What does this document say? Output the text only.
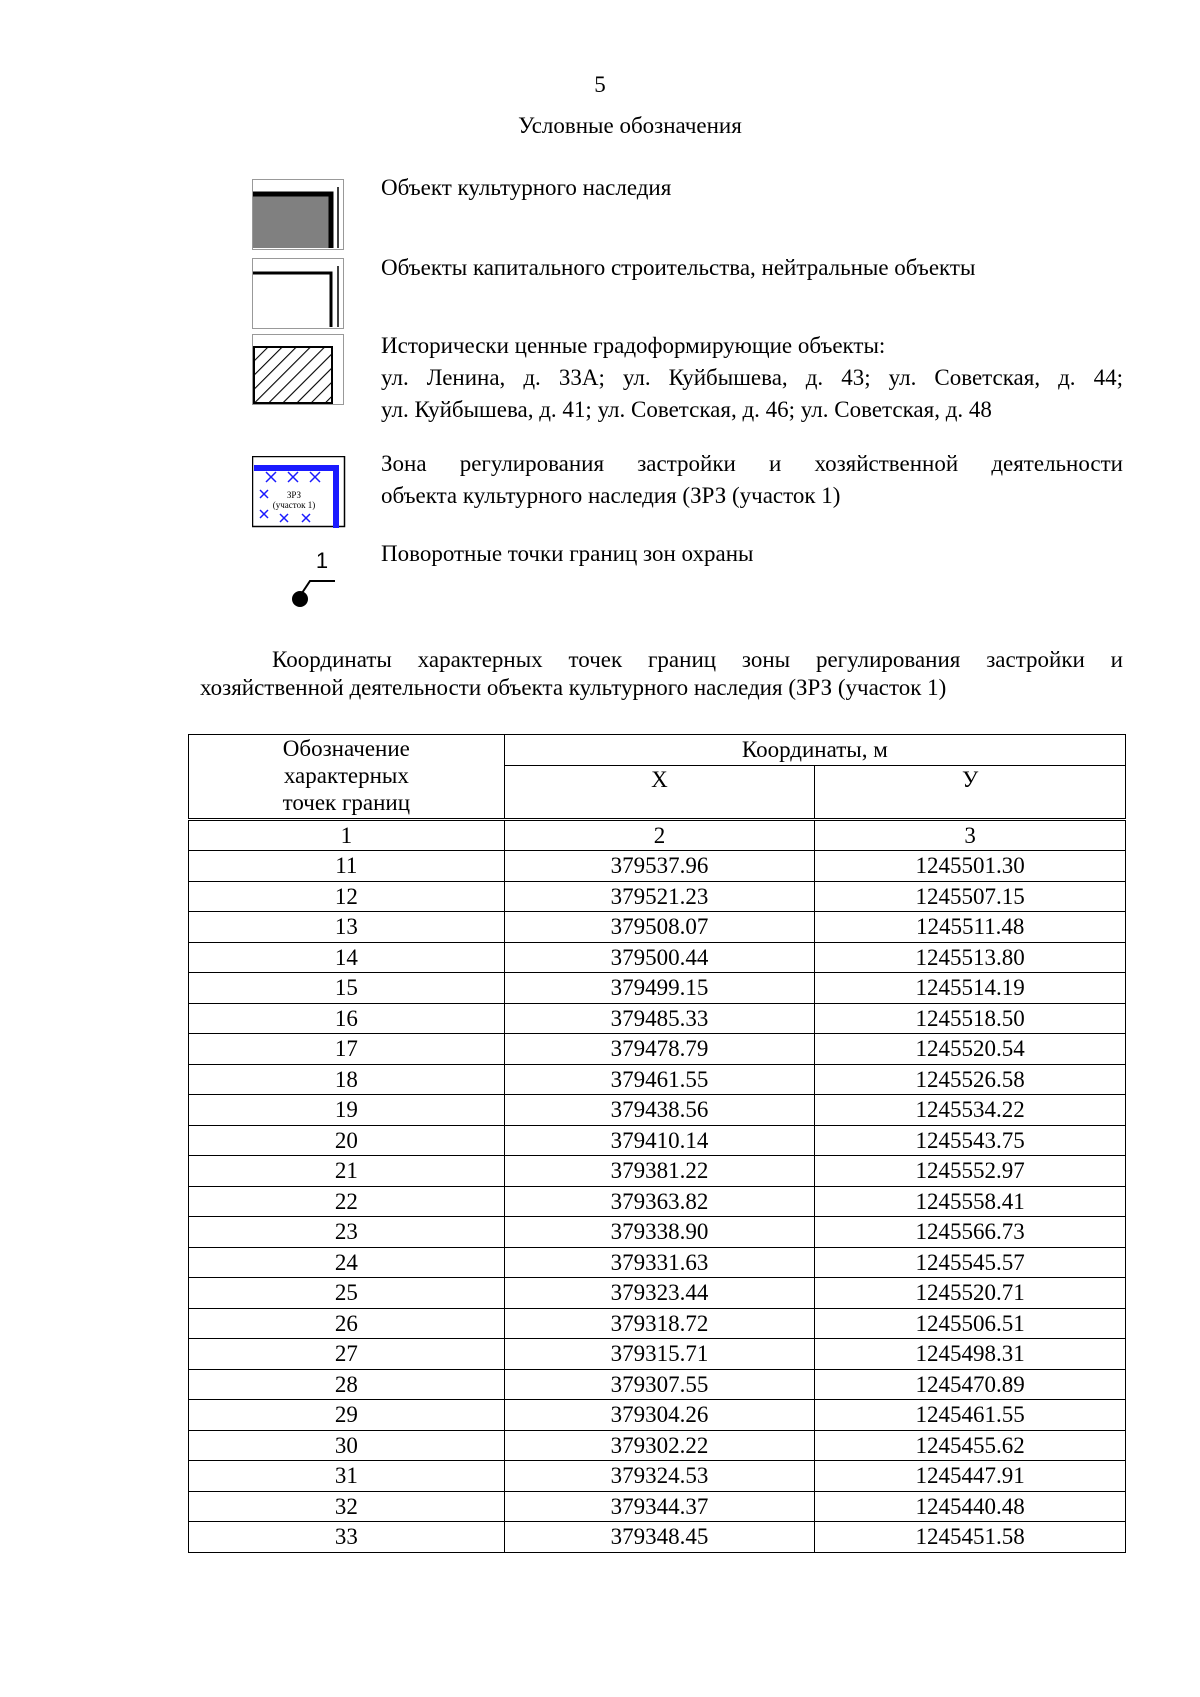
5
Условные обозначения
Объект культурного наследия
Объекты капитального строительства, нейтральные объекты
Исторически ценные градоформирующие объекты:
ул. Ленина, д. 33А; ул. Куйбышева, д. 43; ул. Советская, д. 44;
ул. Куйбышева, д. 41; ул. Советская, д. 46; ул. Советская, д. 48
ЗРЗ
(участок 1)
Зона регулирования застройки и хозяйственной деятельности
объекта культурного наследия (ЗРЗ (участок 1)
1 Поворотные точки границ зон охраны
Координаты характерных точек границ зоны регулирования застройки и
хозяйственной деятельности объекта культурного наследия (ЗРЗ (участок 1)
Обозначение
характерных
точек границ	Координаты, м	
	X	У
1	2	3
11	379537.96	1245501.30
12	379521.23	1245507.15
13	379508.07	1245511.48
14	379500.44	1245513.80
15	379499.15	1245514.19
16	379485.33	1245518.50
17	379478.79	1245520.54
18	379461.55	1245526.58
19	379438.56	1245534.22
20	379410.14	1245543.75
21	379381.22	1245552.97
22	379363.82	1245558.41
23	379338.90	1245566.73
24	379331.63	1245545.57
25	379323.44	1245520.71
26	379318.72	1245506.51
27	379315.71	1245498.31
28	379307.55	1245470.89
29	379304.26	1245461.55
30	379302.22	1245455.62
31	379324.53	1245447.91
32	379344.37	1245440.48
33	379348.45	1245451.58
